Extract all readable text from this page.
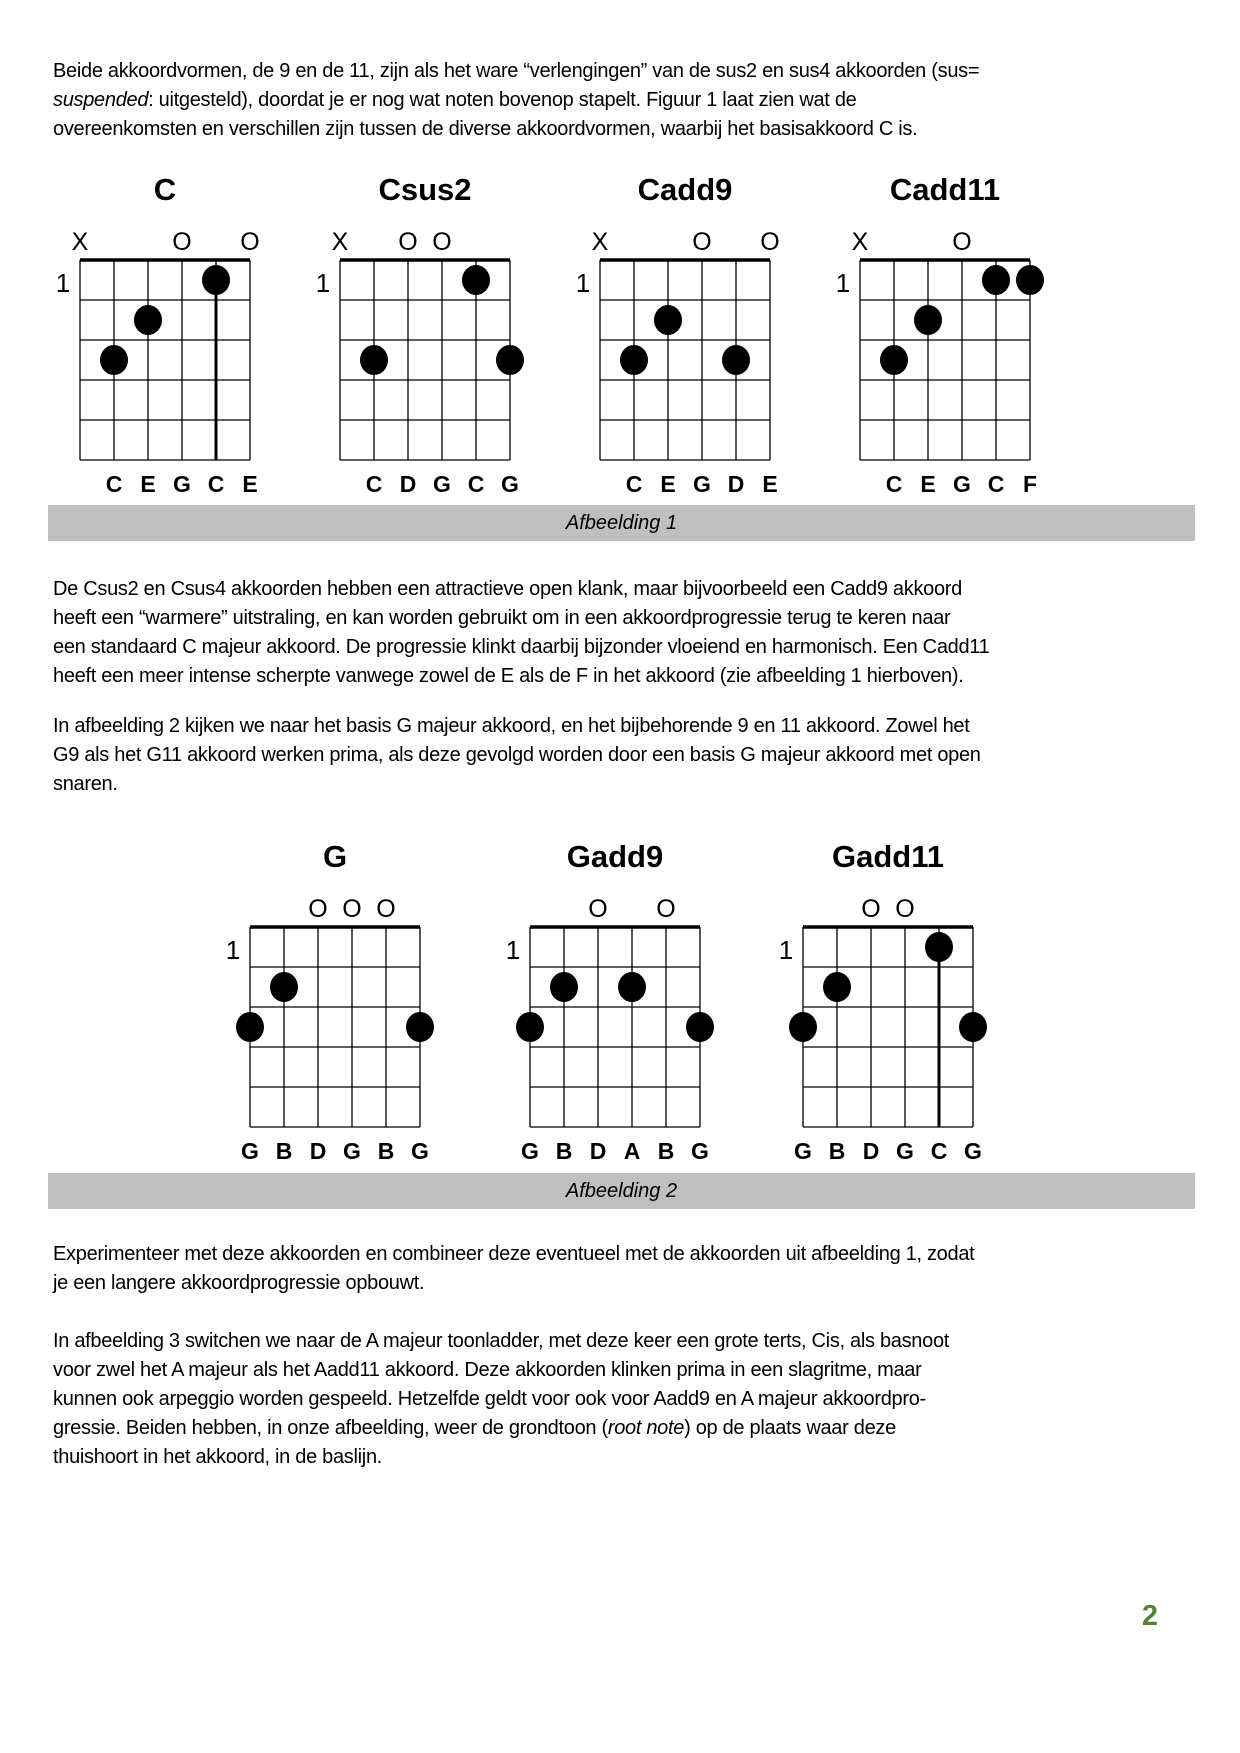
Beide akkoordvormen, de 9 en de 11, zijn als het ware “verlengingen” van de sus2 en sus4 akkoorden (sus=
suspended: uitgesteld), doordat je er nog wat noten bovenop stapelt. Figuur 1 laat zien wat de
overeenkomsten en verschillen zijn tussen de diverse akkoordvormen, waarbij het basisakkoord C is.
C
X	O O
1
C E G C E
Csus2
X O O
1
C D G C G
Cadd9
X	O O
1
C E G D E
Cadd11
X	O
1
C E G C F
Afbeelding 1
De Csus2 en Csus4 akkoorden hebben een attractieve open klank, maar bijvoorbeeld een Cadd9 akkoord
heeft een “warmere” uitstraling, en kan worden gebruikt om in een akkoordprogressie terug te keren naar
een standaard C majeur akkoord. De progressie klinkt daarbij bijzonder vloeiend en harmonisch. Een Cadd11
heeft een meer intense scherpte vanwege zowel de E als de F in het akkoord (zie afbeelding 1 hierboven).
In afbeelding 2 kijken we naar het basis G majeur akkoord, en het bijbehorende 9 en 11 akkoord. Zowel het
G9 als het G11 akkoord werken prima, als deze gevolgd worden door een basis G majeur akkoord met open
snaren.
G
O O O
1
G B D G B G
Gadd9
O O
1
G B D A B G
Gadd11
O O
1
G B D G C G
Afbeelding 2
Experimenteer met deze akkoorden en combineer deze eventueel met de akkoorden uit afbeelding 1, zodat
je een langere akkoordprogressie opbouwt.
In afbeelding 3 switchen we naar de A majeur toonladder, met deze keer een grote terts, Cis, als basnoot
voor zwel het A majeur als het Aadd11 akkoord. Deze akkoorden klinken prima in een slagritme, maar
kunnen ook arpeggio worden gespeeld. Hetzelfde geldt voor ook voor Aadd9 en A majeur akkoordpro-
gressie. Beiden hebben, in onze afbeelding, weer de grondtoon (root note) op de plaats waar deze
thuishoort in het akkoord, in de baslijn.
2
